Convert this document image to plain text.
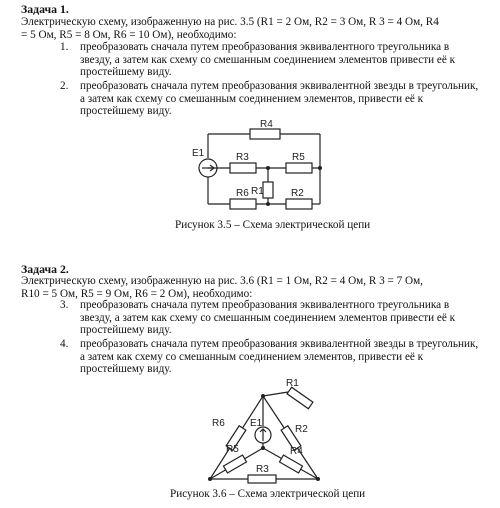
Задача 1.
Электрическую схему, изображенную на рис. 3.5 (R1 = 2 Ом, R2 = 3 Ом, R 3 = 4 Ом, R4
= 5 Ом, R5 = 8 Ом, R6 = 10 Ом), необходимо:
1. преобразовать сначала путем преобразования эквивалентного треугольника в
звезду, а затем как схему со смешанным соединением элементов привести её к
простейшему виду.
2. преобразовать сначала путем преобразования эквивалентной звезды в треугольник,
а затем как схему со смешанным соединением элементов, привести её к
простейшему виду.
R4
E1	R3	R5
R1
R6	R2
Рисунок 3.5 – Схема электрической цепи
Задача 2.
Электрическую схему, изображенную на рис. 3.6 (R1 = 1 Ом, R2 = 4 Ом, R 3 = 7 Ом,
R10 = 5 Ом, R5 = 9 Ом, R6 = 2 Ом), необходимо:
3. преобразовать сначала путем преобразования эквивалентного треугольника в
звезду, а затем как схему со смешанным соединением элементов привести её к
простейшему виду.
4. преобразовать сначала путем преобразования эквивалентной звезды в треугольник,
а затем как схему со смешанным соединением элементов, привести её к
простейшему виду.
R1
R6	E1
R2
R5	R4
R3
Рисунок 3.6 – Схема электрической цепи
